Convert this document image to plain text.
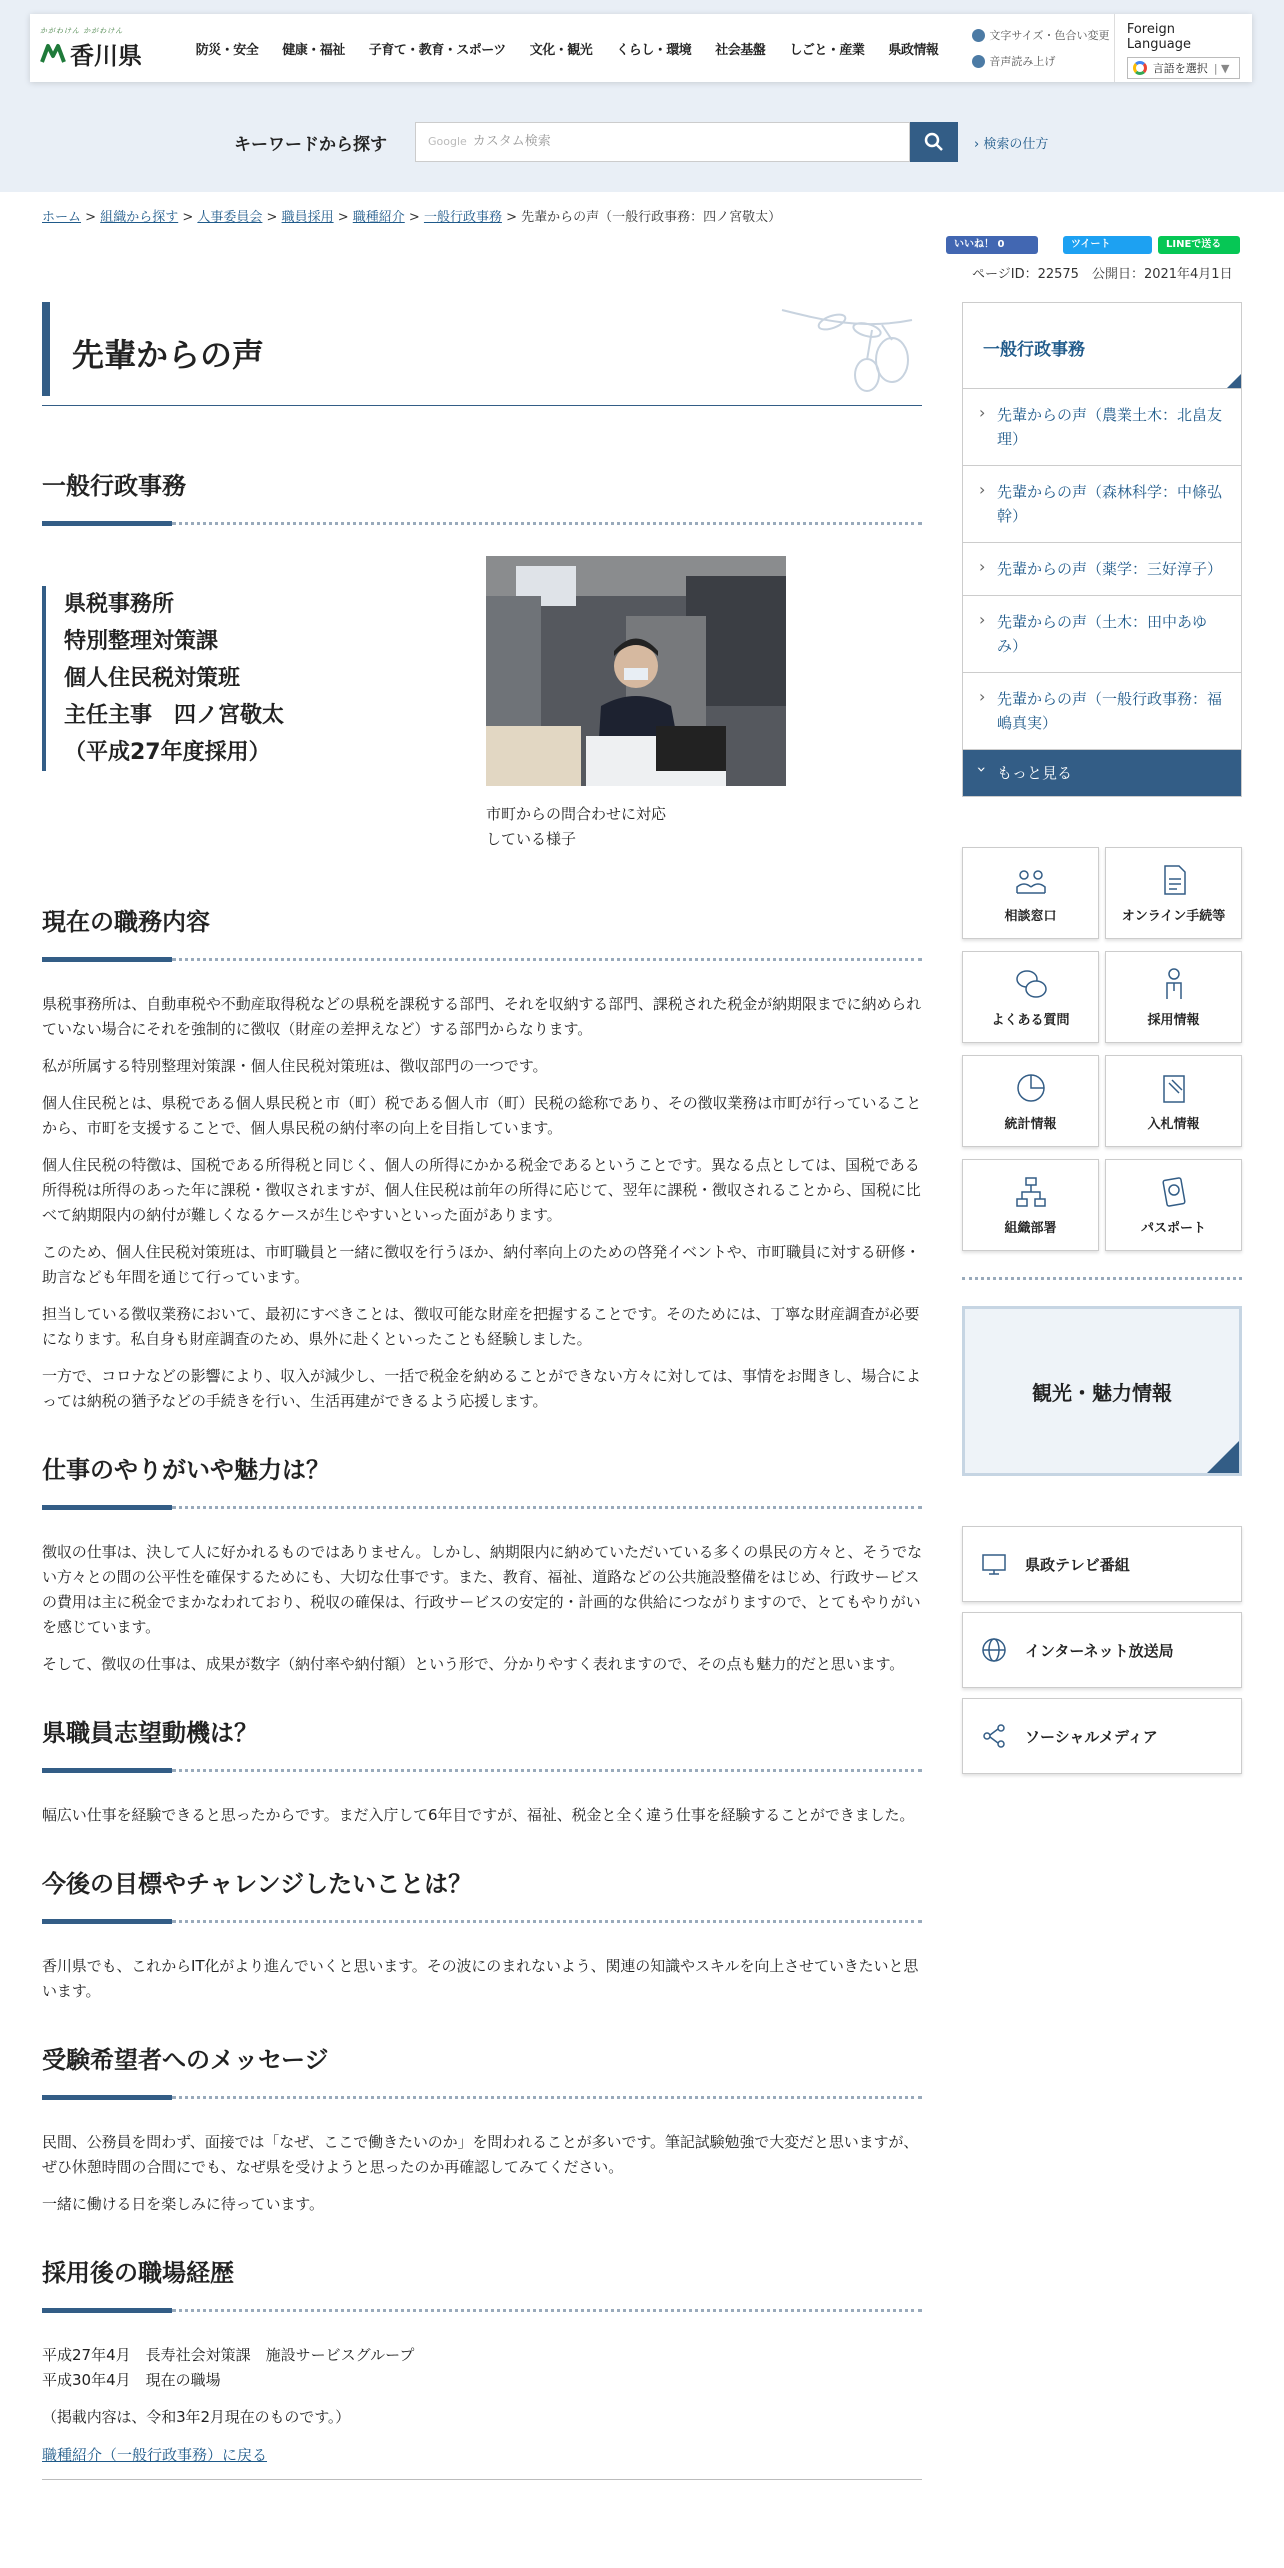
かがわけん かがわけん
香川県	防災・安全	健康・福祉	子育て・教育・スポーツ	文化・観光	くらし・環境	社会基盤	しごと・産業	県政情報
文字サイズ・色合い変更
音声読み上げ
Foreign Language
言語を選択 | ▼
キーワードから探す	Google カスタム検索	› 検索の仕方
ホーム > 組織から探す > 人事委員会 > 職員採用 > 職種紹介 > 一般行政事務 > 先輩からの声（一般行政事務：四ノ宮敬太）
いいね！ 0	ツイート	LINEで送る
ページID：22575　公開日：2021年4月1日
先輩からの声
一般行政事務
県税事務所
特別整理対策課
個人住民税対策班
主任主事　四ノ宮敬太
（平成27年度採用）
市町からの問合わせに対応
している様子
現在の職務内容

県税事務所は、自動車税や不動産取得税などの県税を課税する部門、それを収納する部門、課税された税金が納期限までに納められていない場合にそれを強制的に徴収（財産の差押えなど）する部門からなります。

私が所属する特別整理対策課・個人住民税対策班は、徴収部門の一つです。

個人住民税とは、県税である個人県民税と市（町）税である個人市（町）民税の総称であり、その徴収業務は市町が行っていることから、市町を支援することで、個人県民税の納付率の向上を目指しています。

個人住民税の特徴は、国税である所得税と同じく、個人の所得にかかる税金であるということです。異なる点としては、国税である所得税は所得のあった年に課税・徴収されますが、個人住民税は前年の所得に応じて、翌年に課税・徴収されることから、国税に比べて納期限内の納付が難しくなるケースが生じやすいといった面があります。

このため、個人住民税対策班は、市町職員と一緒に徴収を行うほか、納付率向上のための啓発イベントや、市町職員に対する研修・助言なども年間を通じて行っています。

担当している徴収業務において、最初にすべきことは、徴収可能な財産を把握することです。そのためには、丁寧な財産調査が必要になります。私自身も財産調査のため、県外に赴くといったことも経験しました。

一方で、コロナなどの影響により、収入が減少し、一括で税金を納めることができない方々に対しては、事情をお聞きし、場合によっては納税の猶予などの手続きを行い、生活再建ができるよう応援します。

仕事のやりがいや魅力は？

徴収の仕事は、決して人に好かれるものではありません。しかし、納期限内に納めていただいている多くの県民の方々と、そうでない方々との間の公平性を確保するためにも、大切な仕事です。また、教育、福祉、道路などの公共施設整備をはじめ、行政サービスの費用は主に税金でまかなわれており、税収の確保は、行政サービスの安定的・計画的な供給につながりますので、とてもやりがいを感じています。

そして、徴収の仕事は、成果が数字（納付率や納付額）という形で、分かりやすく表れますので、その点も魅力的だと思います。

県職員志望動機は？

幅広い仕事を経験できると思ったからです。まだ入庁して6年目ですが、福祉、税金と全く違う仕事を経験することができました。

今後の目標やチャレンジしたいことは？

香川県でも、これからIT化がより進んでいくと思います。その波にのまれないよう、関連の知識やスキルを向上させていきたいと思います。

受験希望者へのメッセージ

民間、公務員を問わず、面接では「なぜ、ここで働きたいのか」を問われることが多いです。筆記試験勉強で大変だと思いますが、ぜひ休憩時間の合間にでも、なぜ県を受けようと思ったのか再確認してみてください。

一緒に働ける日を楽しみに待っています。

採用後の職場経歴
平成27年4月　長寿社会対策課　施設サービスグループ
平成30年4月　現在の職場

（掲載内容は、令和3年2月現在のものです。）

職種紹介（一般行政事務）に戻る
一般行政事務
› 先輩からの声（農業土木：北畠友理）
› 先輩からの声（森林科学：中條弘幹）
› 先輩からの声（薬学：三好淳子）
› 先輩からの声（土木：田中あゆみ）
› 先輩からの声（一般行政事務：福嶋真実）
› もっと見る
相談窓口	オンライン手続等
よくある質問	採用情報
統計情報	入札情報
組織部署	パスポート
観光・魅力情報
県政テレビ番組
インターネット放送局
ソーシャルメディア
